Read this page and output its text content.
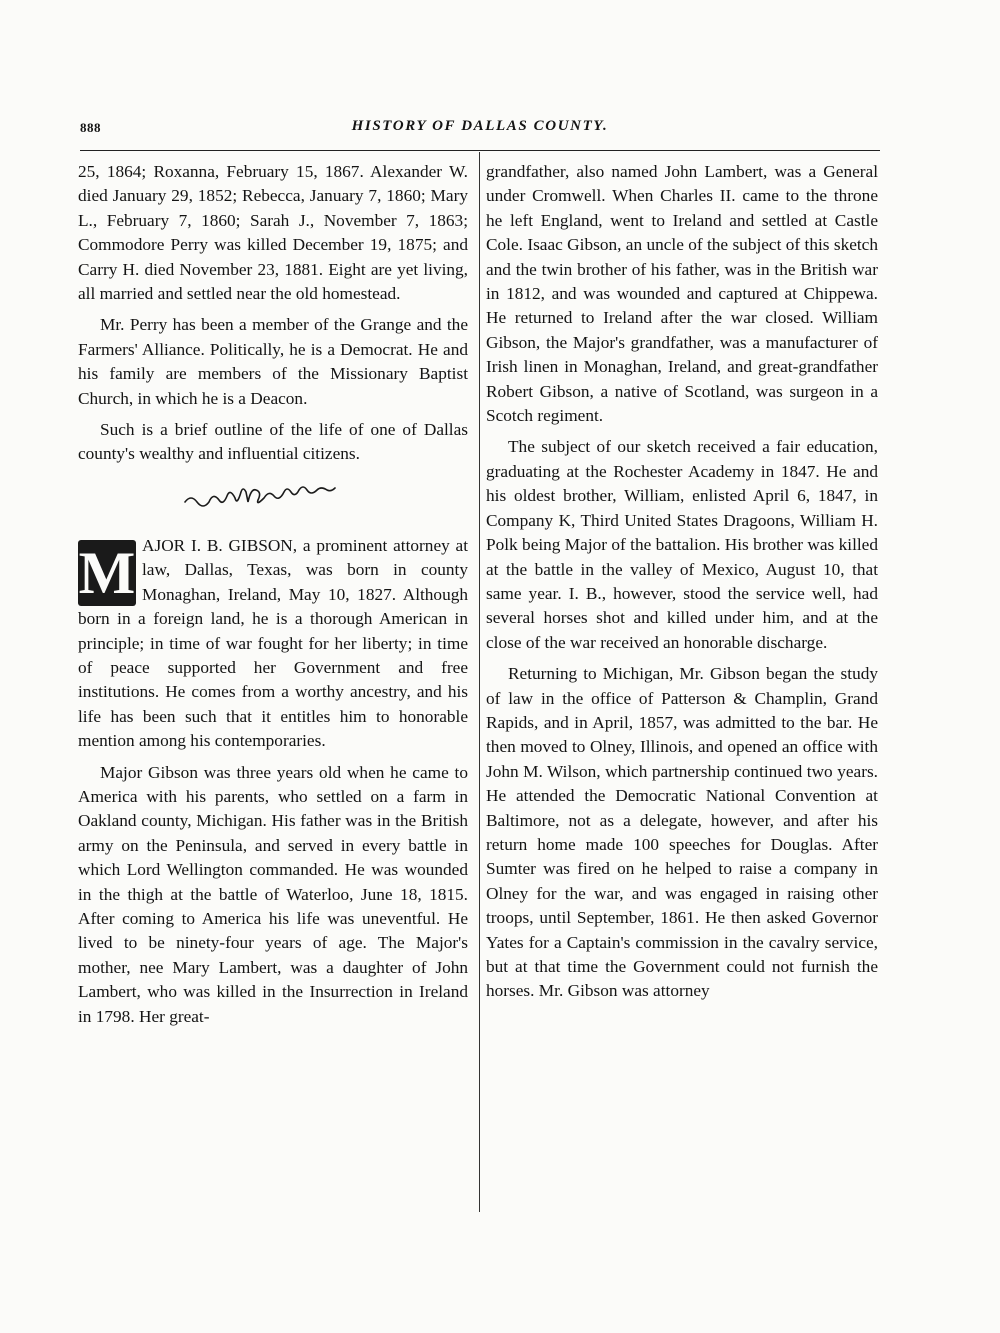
888	HISTORY OF DALLAS COUNTY.

25, 1864; Roxanna, February 15, 1867. Alexander W. died January 29, 1852; Rebecca, January 7, 1860; Mary L., February 7, 1860; Sarah J., November 7, 1863; Commodore Perry was killed December 19, 1875; and Carry H. died November 23, 1881. Eight are yet living, all married and settled near the old homestead.

Mr. Perry has been a member of the Grange and the Farmers' Alliance. Politically, he is a Democrat. He and his family are members of the Missionary Baptist Church, in which he is a Deacon.

Such is a brief outline of the life of one of Dallas county's wealthy and influential citizens.

M AJOR I. B. GIBSON, a prominent attorney at law, Dallas, Texas, was born in county Monaghan, Ireland, May 10, 1827. Although born in a foreign land, he is a thorough American in principle; in time of war fought for her liberty; in time of peace supported her Government and free institutions. He comes from a worthy ancestry, and his life has been such that it entitles him to honorable mention among his contemporaries.

Major Gibson was three years old when he came to America with his parents, who settled on a farm in Oakland county, Michigan. His father was in the British army on the Peninsula, and served in every battle in which Lord Wellington commanded. He was wounded in the thigh at the battle of Waterloo, June 18, 1815. After coming to America his life was uneventful. He lived to be ninety-four years of age. The Major's mother, nee Mary Lambert, was a daughter of John Lambert, who was killed in the Insurrection in Ireland in 1798. Her great-

grandfather, also named John Lambert, was a General under Cromwell. When Charles II. came to the throne he left England, went to Ireland and settled at Castle Cole. Isaac Gibson, an uncle of the subject of this sketch and the twin brother of his father, was in the British war in 1812, and was wounded and captured at Chippewa. He returned to Ireland after the war closed. William Gibson, the Major's grandfather, was a manufacturer of Irish linen in Monaghan, Ireland, and great-grandfather Robert Gibson, a native of Scotland, was surgeon in a Scotch regiment.

The subject of our sketch received a fair education, graduating at the Rochester Academy in 1847. He and his oldest brother, William, enlisted April 6, 1847, in Company K, Third United States Dragoons, William H. Polk being Major of the battalion. His brother was killed at the battle in the valley of Mexico, August 10, that same year. I. B., however, stood the service well, had several horses shot and killed under him, and at the close of the war received an honorable discharge.

Returning to Michigan, Mr. Gibson began the study of law in the office of Patterson & Champlin, Grand Rapids, and in April, 1857, was admitted to the bar. He then moved to Olney, Illinois, and opened an office with John M. Wilson, which partnership continued two years. He attended the Democratic National Convention at Baltimore, not as a delegate, however, and after his return home made 100 speeches for Douglas. After Sumter was fired on he helped to raise a company in Olney for the war, and was engaged in raising other troops, until September, 1861. He then asked Governor Yates for a Captain's commission in the cavalry service, but at that time the Government could not furnish the horses. Mr. Gibson was attorney
